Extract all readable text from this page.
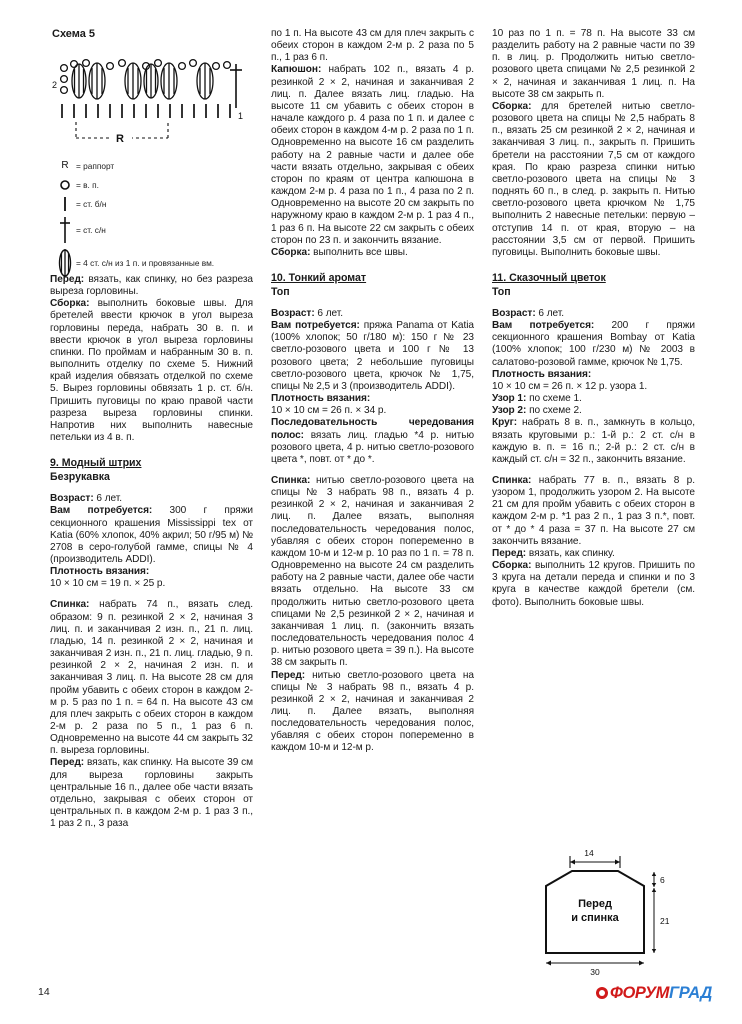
Схема 5
2
1
R
R = раппорт
= в. п.
= ст. б/н
= ст. с/н
= 4 ст. с/н из 1 п. и провязанные вм.

Перед: вязать, как спинку, но без разреза выреза горловины.

Сборка: выполнить боковые швы. Для бретелей ввести крючок в угол выреза горловины переда, набрать 30 в. п. и ввести крючок в угол выреза горловины спинки. По проймам и набранным 30 в. п. выполнить отделку по схеме 5. Нижний край изделия обвязать отделкой по схеме 5. Вырез горловины обвязать 1 р. ст. б/н. Пришить пуговицы по краю правой части разреза выреза горловины спинки. Напротив них выполнить навесные петельки из 4 в. п.

9. Модный штрих
Безрукавка

Возраст: 6 лет.

Вам потребуется: 300 г пряжи секционного крашения Mississippi tex от Katia (60% хлопок, 40% акрил; 50 г/95 м) № 2708 в серо-голубой гамме, спицы № 4 (производитель ADDI).

Плотность вязания:

10 × 10 см = 19 п. × 25 р.

Спинка: набрать 74 п., вязать след. образом: 9 п. резинкой 2 × 2, начиная 3 лиц. п. и заканчивая 2 изн. п., 21 п. лиц. гладью, 14 п. резинкой 2 × 2, начиная и заканчивая 2 изн. п., 21 п. лиц. гладью, 9 п. резинкой 2 × 2, начиная 2 изн. п. и заканчивая 3 лиц. п. На высоте 28 см для пройм убавить с обеих сторон в каждом 2-м р. 5 раз по 1 п. = 64 п. На высоте 43 см для плеч закрыть с обеих сторон в каждом 2-м р. 2 раза по 5 п., 1 раз 6 п. Одновременно на высоте 44 см закрыть 32 п. выреза горловины.

Перед: вязать, как спинку. На высоте 39 см для выреза горловины закрыть центральные 16 п., далее обе части вязать отдельно, закрывая с обеих сторон от центральных п. в каждом 2-м р. 1 раз 3 п., 1 раз 2 п., 3 раза

по 1 п. На высоте 43 см для плеч закрыть с обеих сторон в каждом 2-м р. 2 раза по 5 п., 1 раз 6 п.

Капюшон: набрать 102 п., вязать 4 р. резинкой 2 × 2, начиная и заканчивая 2 лиц. п. Далее вязать лиц. гладью. На высоте 11 см убавить с обеих сторон в начале каждого р. 4 раза по 1 п. и далее с обеих сторон в каждом 4-м р. 2 раза по 1 п. Одновременно на высоте 16 см разделить работу на 2 равные части и далее обе части вязать отдельно, закрывая с обеих сторон по краям от центра капюшона в каждом 2-м р. 4 раза по 1 п., 4 раза по 2 п. Одновременно на высоте 20 см закрыть по наружному краю в каждом 2-м р. 1 раз 4 п., 1 раз 6 п. На высоте 22 см закрыть с обеих сторон по 23 п. и закончить вязание.

Сборка: выполнить все швы.

10. Тонкий аромат
Топ

Возраст: 6 лет.

Вам потребуется: пряжа Panama от Katia (100% хлопок; 50 г/180 м): 150 г № 23 светло-розового цвета и 100 г № 13 розового цвета; 2 небольшие пуговицы светло-розового цвета, крючок № 1,75, спицы № 2,5 и 3 (производитель ADDI).

Плотность вязания:

10 × 10 см = 26 п. × 34 р.

Последовательность чередования полос: вязать лиц. гладью *4 р. нитью розового цвета, 4 р. нитью светло-розового цвета *, повт. от * до *.

Спинка: нитью светло-розового цвета на спицы № 3 набрать 98 п., вязать 4 р. резинкой 2 × 2, начиная и заканчивая 2 лиц. п. Далее вязать, выполняя последовательность чередования полос, убавляя с обеих сторон попеременно в каждом 10-м и 12-м р. 10 раз по 1 п. = 78 п. Одновременно на высоте 24 см разделить работу на 2 равные части, далее обе части вязать отдельно. На высоте 33 см продолжить нитью светло-розового цвета спицами № 2,5 резинкой 2 × 2, начиная и заканчивая 1 лиц. п. (закончить вязать последовательность чередования полос 4 р. нитью розового цвета = 39 п.). На высоте 38 см закрыть п.

Перед: нитью светло-розового цвета на спицы № 3 набрать 98 п., вязать 4 р. резинкой 2 × 2, начиная и заканчивая 2 лиц. п. Далее вязать, выполняя последовательность чередования полос, убавляя с обеих сторон попеременно в каждом 10-м и 12-м р.

10 раз по 1 п. = 78 п. На высоте 33 см разделить работу на 2 равные части по 39 п. в лиц. р. Продолжить нитью светло-розового цвета спицами № 2,5 резинкой 2 × 2, начиная и заканчивая 1 лиц. п. На высоте 38 см закрыть п.

Сборка: для бретелей нитью светло-розового цвета на спицы № 2,5 набрать 8 п., вязать 25 см резинкой 2 × 2, начиная и заканчивая 3 лиц. п., закрыть п. Пришить бретели на расстоянии 7,5 см от каждого края. По краю разреза спинки нитью светло-розового цвета на спицы № 3 поднять 60 п., в след. р. закрыть п. Нитью светло-розового цвета крючком № 1,75 выполнить 2 навесные петельки: первую – отступив 14 п. от края, вторую – на расстоянии 3,5 см от первой. Пришить пуговицы. Выполнить боковые швы.

11. Сказочный цветок
Топ

Возраст: 6 лет.

Вам потребуется: 200 г пряжи секционного крашения Bombay от Katia (100% хлопок; 100 г/230 м) № 2003 в салатово-розовой гамме, крючок № 1,75.

Плотность вязания:

10 × 10 см = 26 п. × 12 р. узора 1.

Узор 1: по схеме 1.

Узор 2: по схеме 2.

Круг: набрать 8 в. п., замкнуть в кольцо, вязать круговыми р.: 1-й р.: 2 ст. с/н в каждую в. п. = 16 п.; 2-й р.: 2 ст. с/н в каждый ст. с/н = 32 п., закончить вязание.

Спинка: набрать 77 в. п., вязать 8 р. узором 1, продолжить узором 2. На высоте 21 см для пройм убавить с обеих сторон в каждом 2-м р. *1 раз 2 п., 1 раз 3 п.*, повт. от * до * 4 раза = 37 п. На высоте 27 см закончить вязание.

Перед: вязать, как спинку.

Сборка: выполнить 12 кругов. Пришить по 3 круга на детали переда и спинки и по 3 круга в качестве каждой бретели (см. фото). Выполнить боковые швы.

14
Перед
и спинка
6
21
30
14	ФОРУМГРАД
